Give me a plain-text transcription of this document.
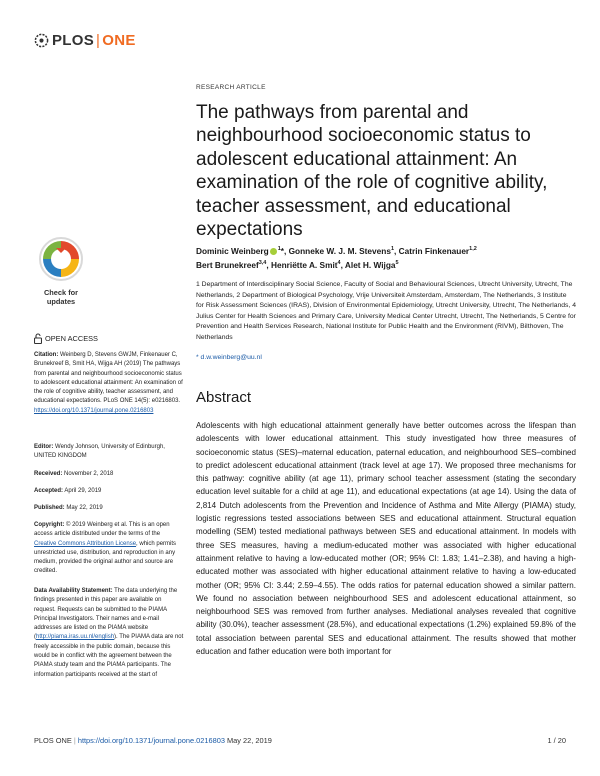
PLOS | ONE
RESEARCH ARTICLE
The pathways from parental and neighbourhood socioeconomic status to adolescent educational attainment: An examination of the role of cognitive ability, teacher assessment, and educational expectations
Dominic Weinberg $^1$*, Gonneke W. J. M. Stevens$^1$, Catrin Finkenauer$^{1,2}$
Bert Brunekreef$^{3,4}$, Henriëtte A. Smit$^4$, Alet H. Wijga$^5$
1 Department of Interdisciplinary Social Science, Faculty of Social and Behavioural Sciences, Utrecht University, Utrecht, The Netherlands, 2 Department of Biological Psychology, Vrije Universiteit Amsterdam, Amsterdam, The Netherlands, 3 Institute for Risk Assessment Sciences (IRAS), Division of Environmental Epidemiology, Utrecht University, Utrecht, The Netherlands, 4 Julius Center for Health Sciences and Primary Care, University Medical Center Utrecht, Utrecht, The Netherlands, 5 Centre for Prevention and Health Services Research, National Institute for Public Health and the Environment (RIVM), Bilthoven, The Netherlands
* d.w.weinberg@uu.nl
Abstract
Adolescents with high educational attainment generally have better outcomes across the lifespan than adolescents with lower educational attainment. This study investigated how three measures of socioeconomic status (SES)–maternal education, paternal education, and neighbourhood SES–combined to predict adolescent educational attainment (track level at age 17). We proposed three mechanisms for this pathway: cognitive ability (at age 11), primary school teacher assessment (stating the secondary education level suitable for a child at age 11), and educational expectations (at age 14). Using the data of 2,814 Dutch adolescents from the Prevention and Incidence of Asthma and Mite Allergy (PIAMA) study, logistic regressions tested associations between SES and educational attainment. Structural equation modelling (SEM) tested mediational pathways between SES and educational attainment. In models with three SES measures, having a medium-educated mother was associated with higher educational attainment relative to having a low-educated mother (OR; 95% CI: 1.83; 1.41–2.38), and having a high-educated mother was associated with higher educational attainment relative to having a low-educated mother (OR; 95% CI: 3.44; 2.59–4.55). The odds ratios for paternal education showed a similar pattern. We found no association between neighbourhood SES and adolescent educational attainment, so neighbourhood SES was removed from further analyses. Mediational analyses revealed that cognitive ability (30.0%), teacher assessment (28.5%), and educational expectations (1.2%) explained 59.8% of the total association between parental SES and educational attainment. The results showed that mother education and father education were both important for
Check for
updates
OPEN ACCESS
Citation: Weinberg D, Stevens GWJM, Finkenauer C, Brunekreef B, Smit HA, Wijga AH (2019) The pathways from parental and neighbourhood socioeconomic status to adolescent educational attainment: An examination of the role of cognitive ability, teacher assessment, and educational expectations. PLoS ONE 14(5): e0216803. https://doi.org/10.1371/journal.pone.0216803
Editor: Wendy Johnson, University of Edinburgh, UNITED KINGDOM
Received: November 2, 2018
Accepted: April 29, 2019
Published: May 22, 2019
Copyright: © 2019 Weinberg et al. This is an open access article distributed under the terms of the Creative Commons Attribution License, which permits unrestricted use, distribution, and reproduction in any medium, provided the original author and source are credited.
Data Availability Statement: The data underlying the findings presented in this paper are available on request. Requests can be submitted to the PIAMA Principal Investigators. Their names and e-mail addresses are listed on the PIAMA website (http://piama.iras.uu.nl/english). The PIAMA data are not freely accessible in the public domain, because this would be in conflict with the agreement between the PIAMA study team and the PIAMA participants. The information participants received at the start of
PLOS ONE | https://doi.org/10.1371/journal.pone.0216803 May 22, 2019	1 / 20
